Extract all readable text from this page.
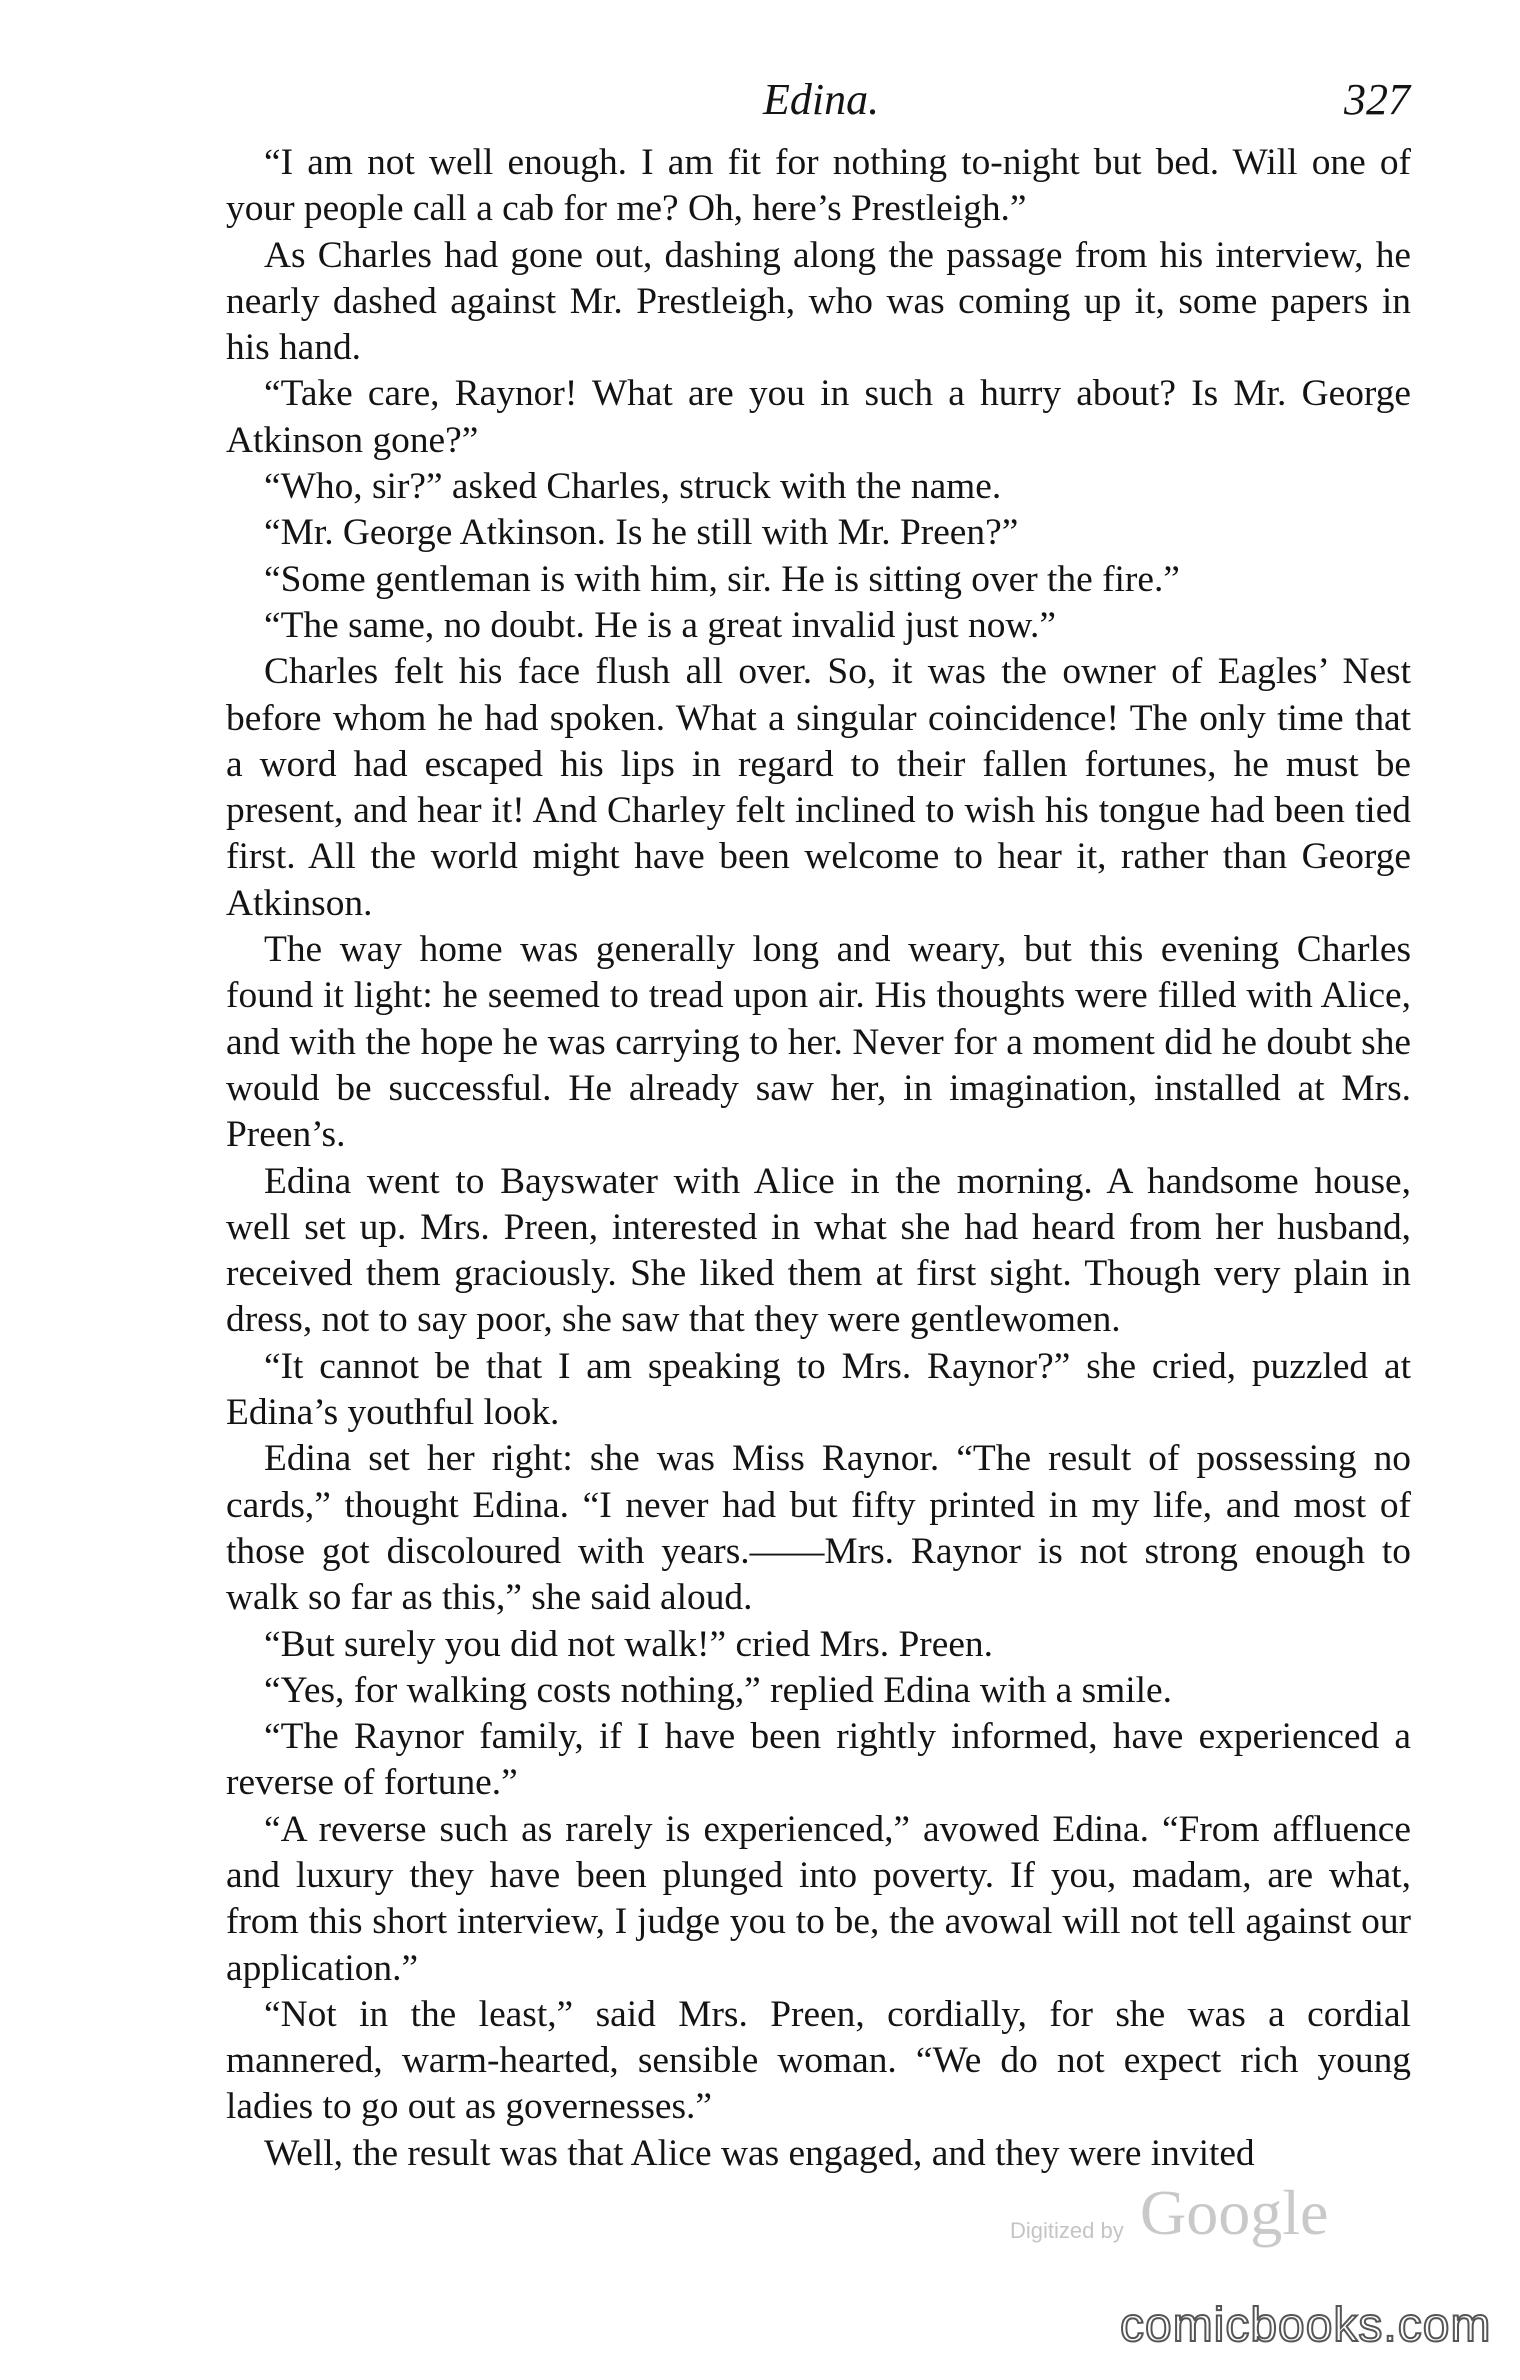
Edina.	327

“I am not well enough. I am fit for nothing to-night but bed. Will one of your people call a cab for me? Oh, here’s Prestleigh.”

As Charles had gone out, dashing along the passage from his interview, he nearly dashed against Mr. Prestleigh, who was coming up it, some papers in his hand.

“Take care, Raynor! What are you in such a hurry about? Is Mr. George Atkinson gone?”

“Who, sir?” asked Charles, struck with the name.

“Mr. George Atkinson. Is he still with Mr. Preen?”

“Some gentleman is with him, sir. He is sitting over the fire.”

“The same, no doubt. He is a great invalid just now.”

Charles felt his face flush all over. So, it was the owner of Eagles’ Nest before whom he had spoken. What a singular coincidence! The only time that a word had escaped his lips in regard to their fallen fortunes, he must be present, and hear it! And Charley felt inclined to wish his tongue had been tied first. All the world might have been welcome to hear it, rather than George Atkinson.

The way home was generally long and weary, but this evening Charles found it light: he seemed to tread upon air. His thoughts were filled with Alice, and with the hope he was carrying to her. Never for a moment did he doubt she would be successful. He already saw her, in imagination, installed at Mrs. Preen’s.

Edina went to Bayswater with Alice in the morning. A handsome house, well set up. Mrs. Preen, interested in what she had heard from her husband, received them graciously. She liked them at first sight. Though very plain in dress, not to say poor, she saw that they were gentlewomen.

“It cannot be that I am speaking to Mrs. Raynor?” she cried, puzzled at Edina’s youthful look.

Edina set her right: she was Miss Raynor. “The result of possessing no cards,” thought Edina. “I never had but fifty printed in my life, and most of those got discoloured with years.——Mrs. Raynor is not strong enough to walk so far as this,” she said aloud.

“But surely you did not walk!” cried Mrs. Preen.

“Yes, for walking costs nothing,” replied Edina with a smile.

“The Raynor family, if I have been rightly informed, have experienced a reverse of fortune.”

“A reverse such as rarely is experienced,” avowed Edina. “From affluence and luxury they have been plunged into poverty. If you, madam, are what, from this short interview, I judge you to be, the avowal will not tell against our application.”

“Not in the least,” said Mrs. Preen, cordially, for she was a cordial mannered, warm-hearted, sensible woman. “We do not expect rich young ladies to go out as governesses.”

Well, the result was that Alice was engaged, and they were invited

Digitized by Google
comicbooks.com
